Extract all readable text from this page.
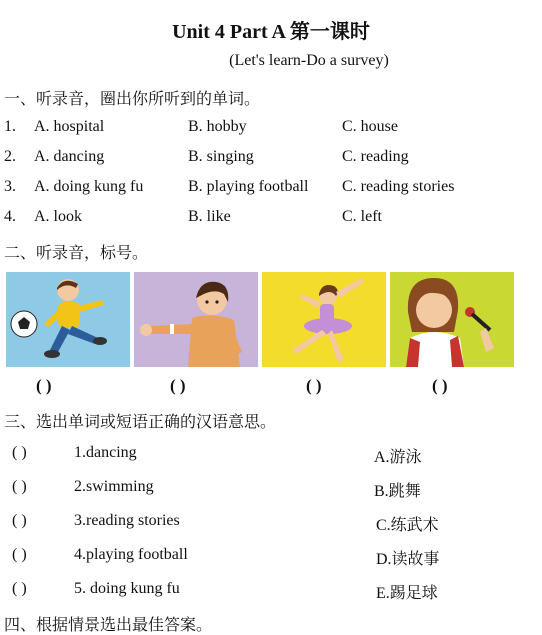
Unit 4 Part A 第一课时
(Let's learn-Do a survey)
一、听录音，圈出你所听到的单词。
1. A. hospital	B. hobby	C. house
2. A. dancing	B. singing	C. reading
3. A. doing kung fu	B. playing football C. reading stories
4. A. look	B. like	C. left
二、听录音，标号。
( )	( )	( )	( )
三、选出单词或短语正确的汉语意思。
( )	1.dancing	A.游泳
( )	2.swimming	B.跳舞
( )	3.reading stories	C.练武术
( )	4.playing football	D.读故事
( )	5. doing kung fu	E.踢足球
四、根据情景选出最佳答案。
